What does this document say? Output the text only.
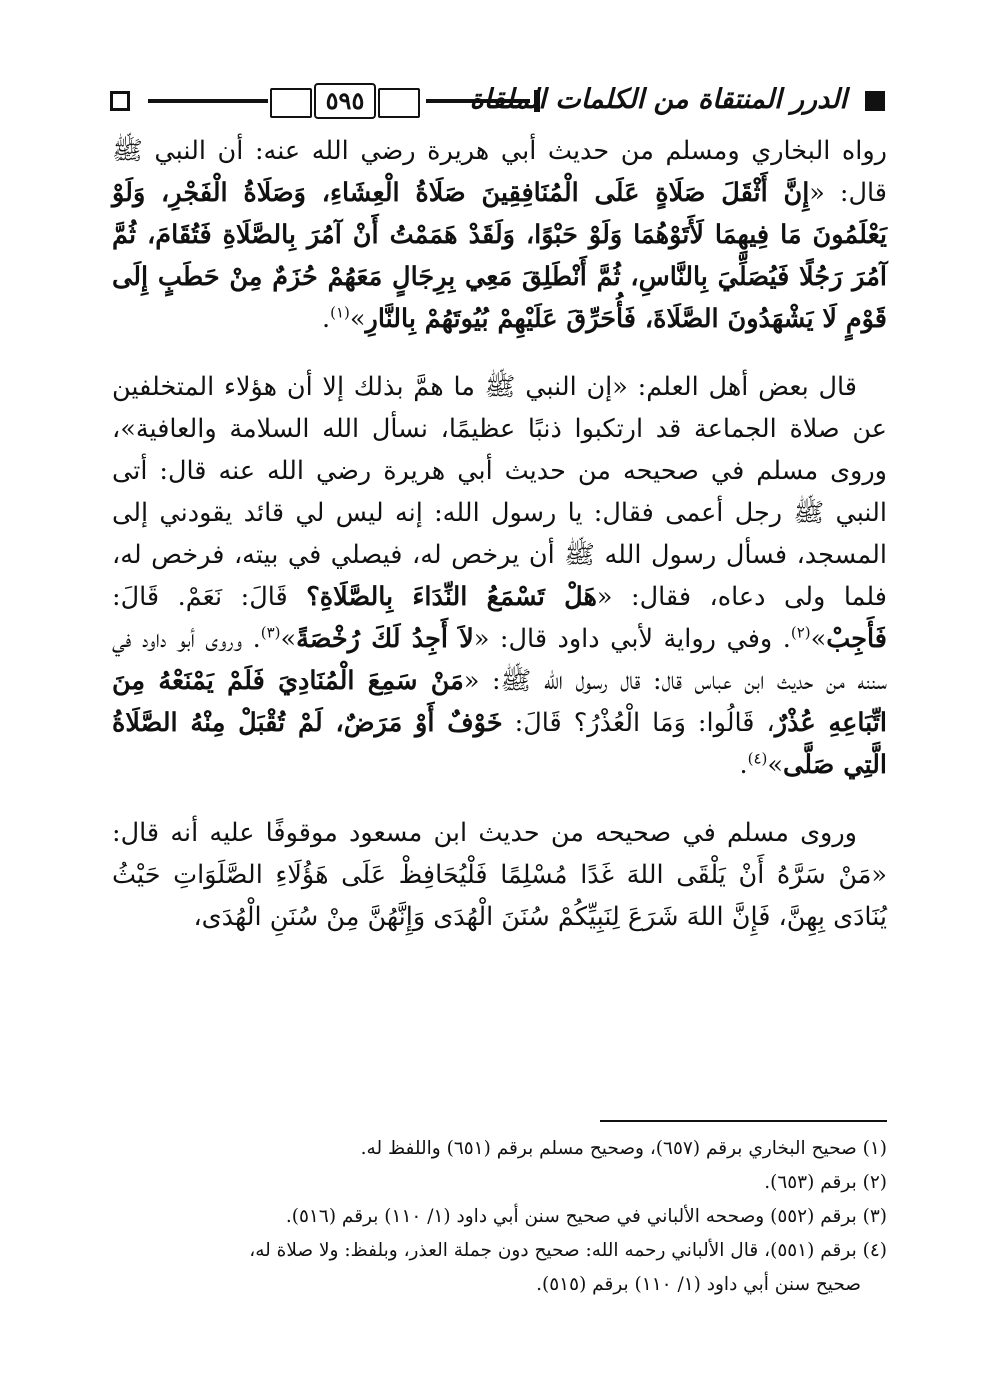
٥٩٥	الدرر المنتقاة من الكلمات الملقاة

رواه البخاري ومسلم من حديث أبي هريرة رضي الله عنه: أن النبي ﷺ قال: «إِنَّ أَثْقَلَ صَلَاةٍ عَلَى الْمُنَافِقِينَ صَلَاةُ الْعِشَاءِ، وَصَلَاةُ الْفَجْرِ، وَلَوْ يَعْلَمُونَ مَا فِيهِمَا لَأَتَوْهُمَا وَلَوْ حَبْوًا، وَلَقَدْ هَمَمْتُ أَنْ آمُرَ بِالصَّلَاةِ فَتُقَامَ، ثُمَّ آمُرَ رَجُلًا فَيُصَلِّيَ بِالنَّاسِ، ثُمَّ أَنْطَلِقَ مَعِي بِرِجَالٍ مَعَهُمْ حُزَمٌ مِنْ حَطَبٍ إِلَى قَوْمٍ لَا يَشْهَدُونَ الصَّلَاةَ، فَأُحَرِّقَ عَلَيْهِمْ بُيُوتَهُمْ بِالنَّارِ»$^{(١)}$.

قال بعض أهل العلم: «إن النبي ﷺ ما همَّ بذلك إلا أن هؤلاء المتخلفين عن صلاة الجماعة قد ارتكبوا ذنبًا عظيمًا، نسأل الله السلامة والعافية»، وروى مسلم في صحيحه من حديث أبي هريرة رضي الله عنه قال: أتى النبي ﷺ رجل أعمى فقال: يا رسول الله: إنه ليس لي قائد يقودني إلى المسجد، فسأل رسول الله ﷺ أن يرخص له، فيصلي في بيته، فرخص له، فلما ولى دعاه، فقال: «هَلْ تَسْمَعُ النِّدَاءَ بِالصَّلَاةِ؟ قَالَ: نَعَمْ. قَالَ: فَأَجِبْ»$^{(٢)}$. وفي رواية لأبي داود قال: «لاَ أَجِدُ لَكَ رُخْصَةً»$^{(٣)}$. وروى أبو داود في سننه من حديث ابن عباس قال: قال رسول الله ﷺ: «مَنْ سَمِعَ الْمُنَادِيَ فَلَمْ يَمْنَعْهُ مِنَ اتِّبَاعِهِ عُذْرٌ، قَالُوا: وَمَا الْعُذْرُ؟ قَالَ: خَوْفٌ أَوْ مَرَضٌ، لَمْ تُقْبَلْ مِنْهُ الصَّلَاةُ الَّتِي صَلَّى»$^{(٤)}$.

وروى مسلم في صحيحه من حديث ابن مسعود موقوفًا عليه أنه قال: «مَنْ سَرَّهُ أَنْ يَلْقَى اللهَ غَدًا مُسْلِمًا فَلْيُحَافِظْ عَلَى هَؤُلَاءِ الصَّلَوَاتِ حَيْثُ يُنَادَى بِهِنَّ، فَإِنَّ اللهَ شَرَعَ لِنَبِيِّكُمْ سُنَنَ الْهُدَى وَإِنَّهُنَّ مِنْ سُنَنِ الْهُدَى،

(١) صحيح البخاري برقم (٦٥٧)، وصحيح مسلم برقم (٦٥١) واللفظ له.
(٢) برقم (٦٥٣).
(٣) برقم (٥٥٢) وصححه الألباني في صحيح سنن أبي داود (١/ ١١٠) برقم (٥١٦).
(٤) برقم (٥٥١)، قال الألباني رحمه الله: صحيح دون جملة العذر، وبلفظ: ولا صلاة له،
صحيح سنن أبي داود (١/ ١١٠) برقم (٥١٥).
